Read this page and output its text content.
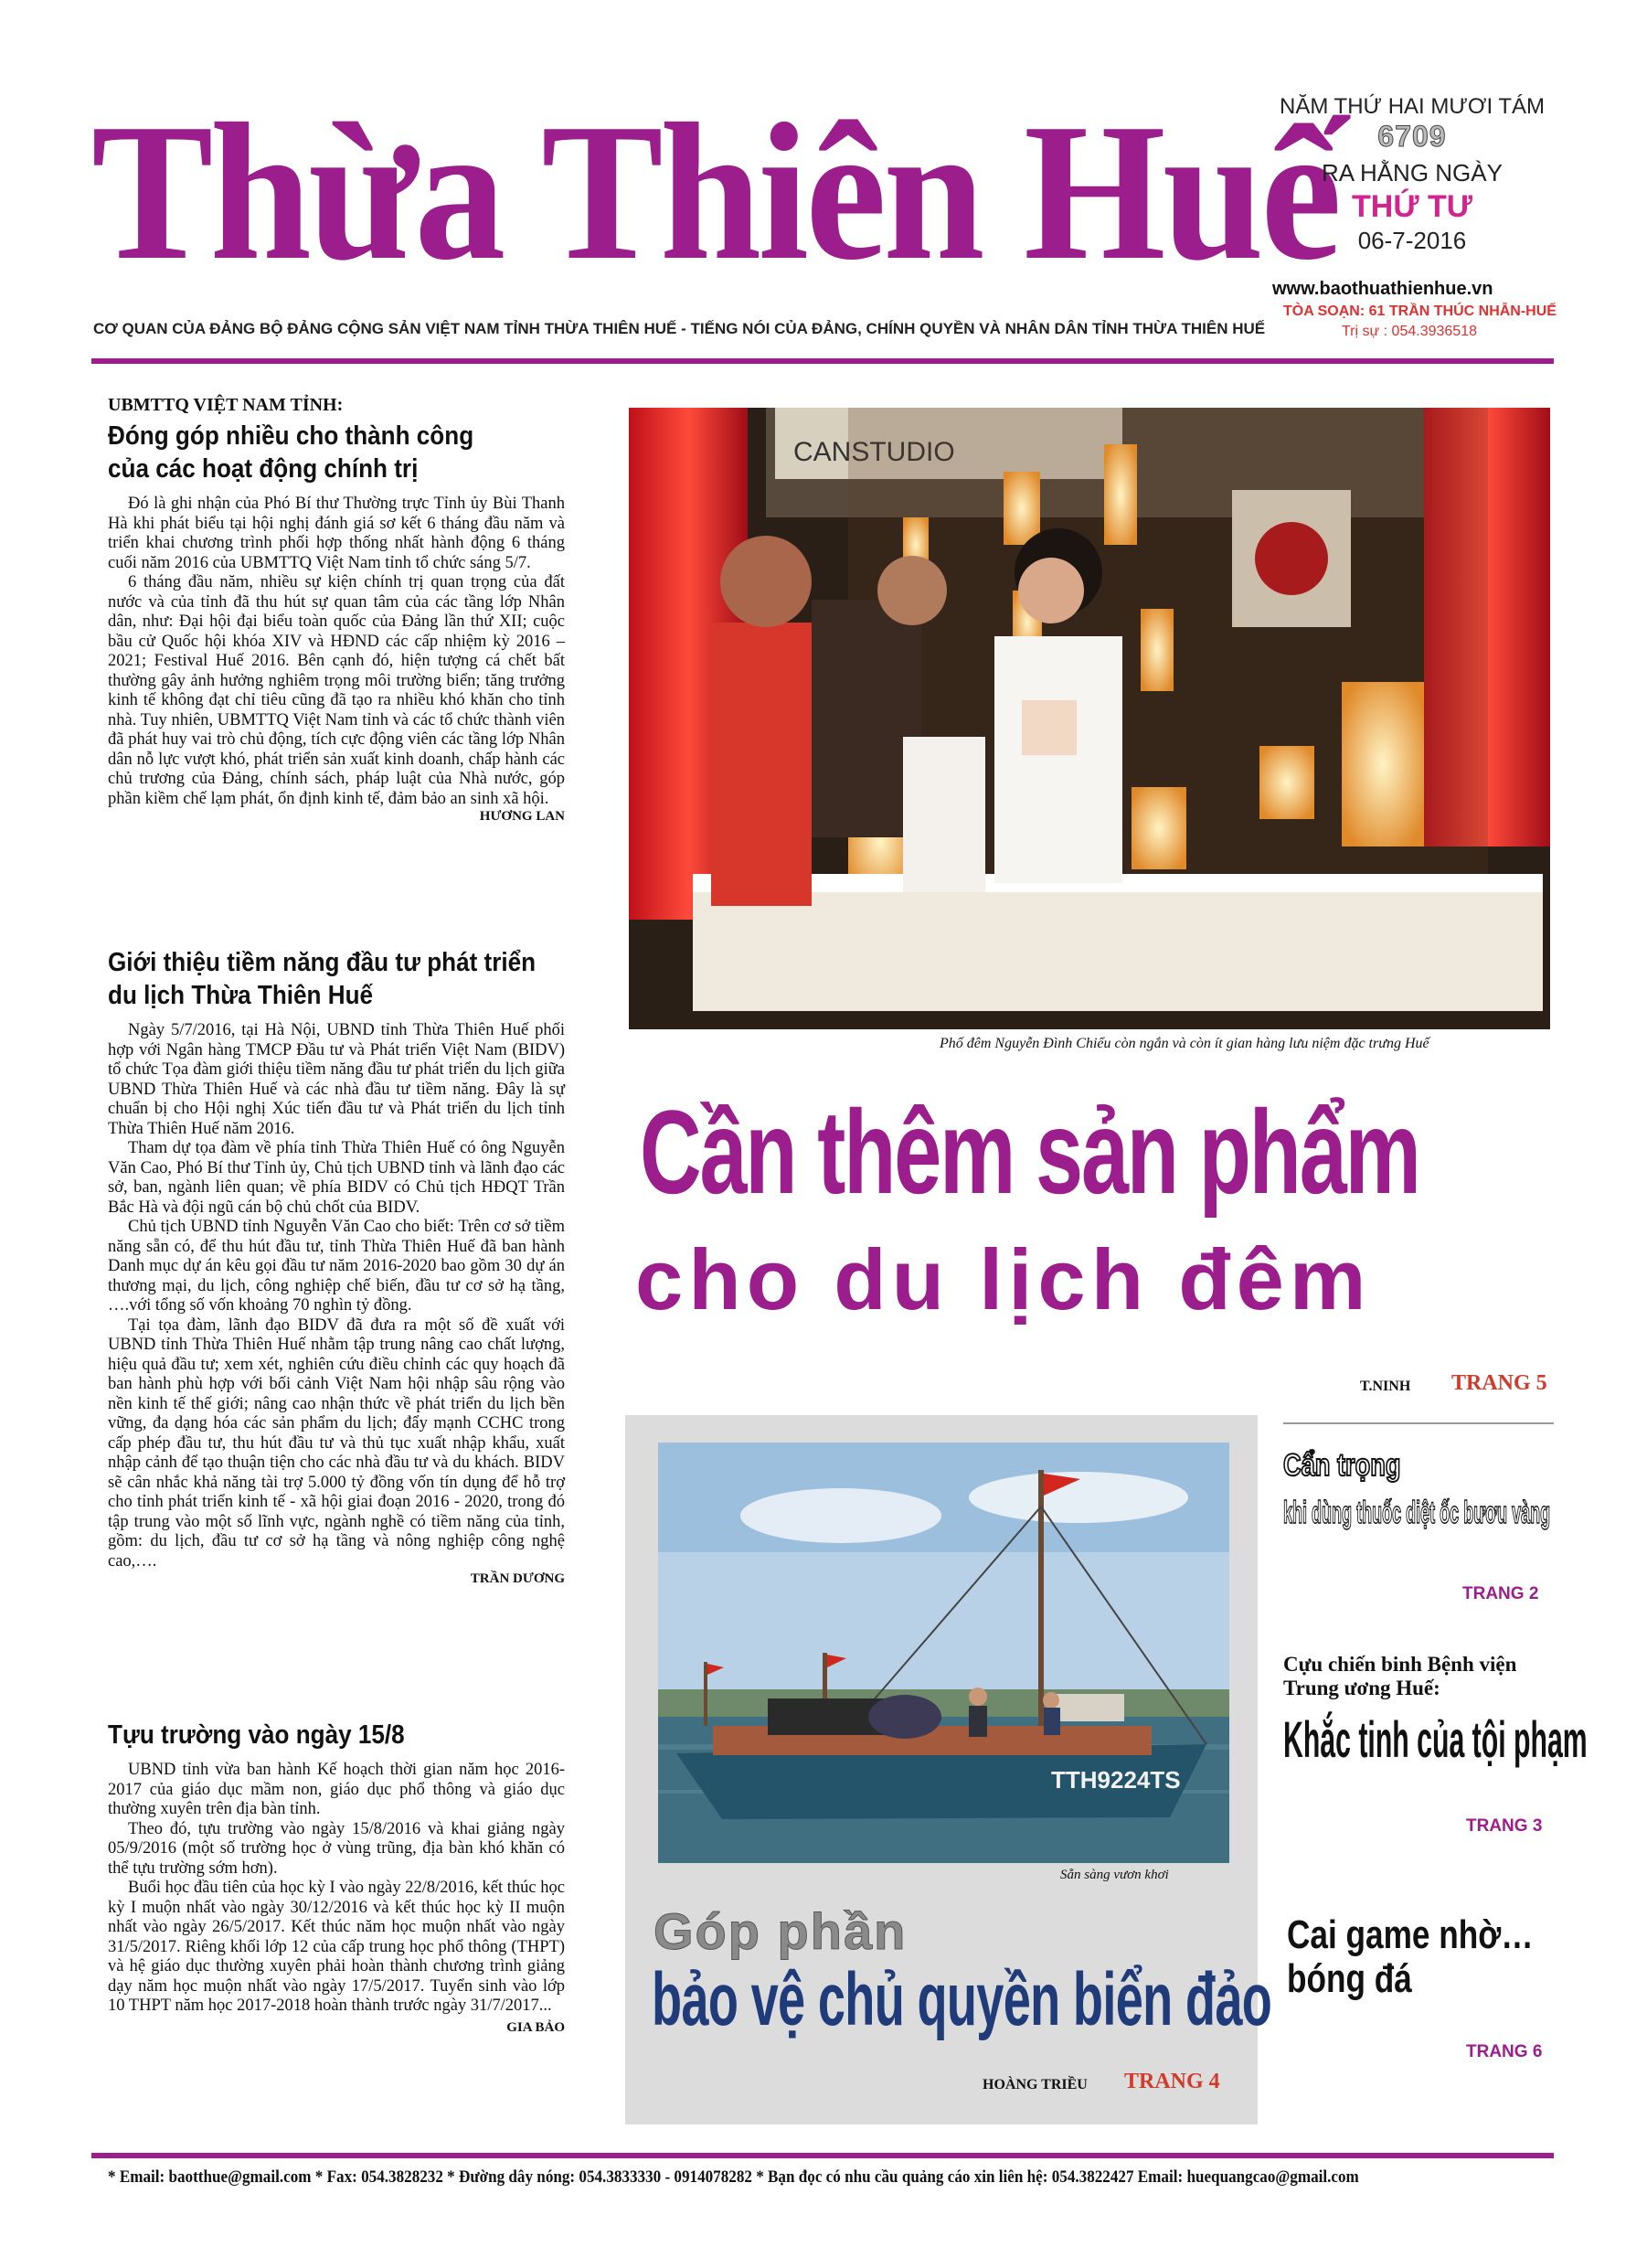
Thừa Thiên Huế
NĂM THỨ HAI MƯƠI TÁM
6709
RA HẰNG NGÀY
THỨ TƯ
06-7-2016
www.baothuathienhue.vn
TÒA SOẠN: 61 TRẦN THÚC NHẪN-HUẾ
Trị sự : 054.3936518
CƠ QUAN CỦA ĐẢNG BỘ ĐẢNG CỘNG SẢN VIỆT NAM TỈNH THỪA THIÊN HUẾ - TIẾNG NÓI CỦA ĐẢNG, CHÍNH QUYỀN VÀ NHÂN DÂN TỈNH THỪA THIÊN HUẾ
UBMTTQ VIỆT NAM TỈNH:
Đóng góp nhiều cho thành công
của các hoạt động chính trị

Đó là ghi nhận của Phó Bí thư Thường trực Tỉnh ủy Bùi Thanh Hà khi phát biểu tại hội nghị đánh giá sơ kết 6 tháng đầu năm và triển khai chương trình phối hợp thống nhất hành động 6 tháng cuối năm 2016 của UBMTTQ Việt Nam tỉnh tổ chức sáng 5/7.

6 tháng đầu năm, nhiều sự kiện chính trị quan trọng của đất nước và của tỉnh đã thu hút sự quan tâm của các tầng lớp Nhân dân, như: Đại hội đại biểu toàn quốc của Đảng lần thứ XII; cuộc bầu cử Quốc hội khóa XIV và HĐND các cấp nhiệm kỳ 2016 – 2021; Festival Huế 2016. Bên cạnh đó, hiện tượng cá chết bất thường gây ảnh hưởng nghiêm trọng môi trường biển; tăng trưởng kinh tế không đạt chỉ tiêu cũng đã tạo ra nhiều khó khăn cho tỉnh nhà. Tuy nhiên, UBMTTQ Việt Nam tỉnh và các tổ chức thành viên đã phát huy vai trò chủ động, tích cực động viên các tầng lớp Nhân dân nỗ lực vượt khó, phát triển sản xuất kinh doanh, chấp hành các chủ trương của Đảng, chính sách, pháp luật của Nhà nước, góp phần kiềm chế lạm phát, ổn định kinh tế, đảm bảo an sinh xã hội.

HƯƠNG LAN
Giới thiệu tiềm năng đầu tư phát triển
du lịch Thừa Thiên Huế

Ngày 5/7/2016, tại Hà Nội, UBND tỉnh Thừa Thiên Huế phối hợp với Ngân hàng TMCP Đầu tư và Phát triển Việt Nam (BIDV) tổ chức Tọa đàm giới thiệu tiềm năng đầu tư phát triển du lịch giữa UBND Thừa Thiên Huế và các nhà đầu tư tiềm năng. Đây là sự chuẩn bị cho Hội nghị Xúc tiến đầu tư và Phát triển du lịch tỉnh Thừa Thiên Huế năm 2016.

Tham dự tọa đàm về phía tỉnh Thừa Thiên Huế có ông Nguyễn Văn Cao, Phó Bí thư Tỉnh ủy, Chủ tịch UBND tỉnh và lãnh đạo các sở, ban, ngành liên quan; về phía BIDV có Chủ tịch HĐQT Trần Bắc Hà và đội ngũ cán bộ chủ chốt của BIDV.

Chủ tịch UBND tỉnh Nguyễn Văn Cao cho biết: Trên cơ sở tiềm năng sẵn có, để thu hút đầu tư, tỉnh Thừa Thiên Huế đã ban hành Danh mục dự án kêu gọi đầu tư năm 2016-2020 bao gồm 30 dự án thương mại, du lịch, công nghiệp chế biến, đầu tư cơ sở hạ tầng, ….với tổng số vốn khoảng 70 nghìn tỷ đồng.

Tại tọa đàm, lãnh đạo BIDV đã đưa ra một số đề xuất với UBND tỉnh Thừa Thiên Huế nhằm tập trung nâng cao chất lượng, hiệu quả đầu tư; xem xét, nghiên cứu điều chỉnh các quy hoạch đã ban hành phù hợp với bối cảnh Việt Nam hội nhập sâu rộng vào nền kinh tế thế giới; nâng cao nhận thức về phát triển du lịch bền vững, đa dạng hóa các sản phẩm du lịch; đẩy mạnh CCHC trong cấp phép đầu tư, thu hút đầu tư và thủ tục xuất nhập khẩu, xuất nhập cảnh để tạo thuận tiện cho các nhà đầu tư và du khách. BIDV sẽ cân nhắc khả năng tài trợ 5.000 tỷ đồng vốn tín dụng để hỗ trợ cho tỉnh phát triển kinh tế - xã hội giai đoạn 2016 - 2020, trong đó tập trung vào một số lĩnh vực, ngành nghề có tiềm năng của tỉnh, gồm: du lịch, đầu tư cơ sở hạ tầng và nông nghiệp công nghệ cao,….

TRẦN DƯƠNG
Tựu trường vào ngày 15/8

UBND tỉnh vừa ban hành Kế hoạch thời gian năm học 2016-2017 của giáo dục mầm non, giáo dục phổ thông và giáo dục thường xuyên trên địa bàn tỉnh.

Theo đó, tựu trường vào ngày 15/8/2016 và khai giảng ngày 05/9/2016 (một số trường học ở vùng trũng, địa bàn khó khăn có thể tựu trường sớm hơn).

Buổi học đầu tiên của học kỳ I vào ngày 22/8/2016, kết thúc học kỳ I muộn nhất vào ngày 30/12/2016 và kết thúc học kỳ II muộn nhất vào ngày 26/5/2017. Kết thúc năm học muộn nhất vào ngày 31/5/2017. Riêng khối lớp 12 của cấp trung học phổ thông (THPT) và hệ giáo dục thường xuyên phải hoàn thành chương trình giảng dạy năm học muộn nhất vào ngày 17/5/2017. Tuyển sinh vào lớp 10 THPT năm học 2017-2018 hoàn thành trước ngày 31/7/2017...

GIA BẢO
CANSTUDIO
Phố đêm Nguyễn Đình Chiểu còn ngắn và còn ít gian hàng lưu niệm đặc trưng Huế
Cần thêm sản phẩm
cho du lịch đêm
T.NINH TRANG 5
TTH9224TS
Sẵn sàng vươn khơi
Góp phần
bảo vệ chủ quyền biển đảo
HOÀNG TRIỀU TRANG 4
Cẩn trọng
khi dùng thuốc diệt ốc bươu vàng
TRANG 2
Cựu chiến binh Bệnh viện
Trung ương Huế:
Khắc tinh của tội phạm
TRANG 3
Cai game nhờ…
bóng đá
TRANG 6
* Email: baotthue@gmail.com * Fax: 054.3828232 * Đường dây nóng: 054.3833330 - 0914078282 * Bạn đọc có nhu cầu quảng cáo xin liên hệ: 054.3822427 Email: huequangcao@gmail.com
